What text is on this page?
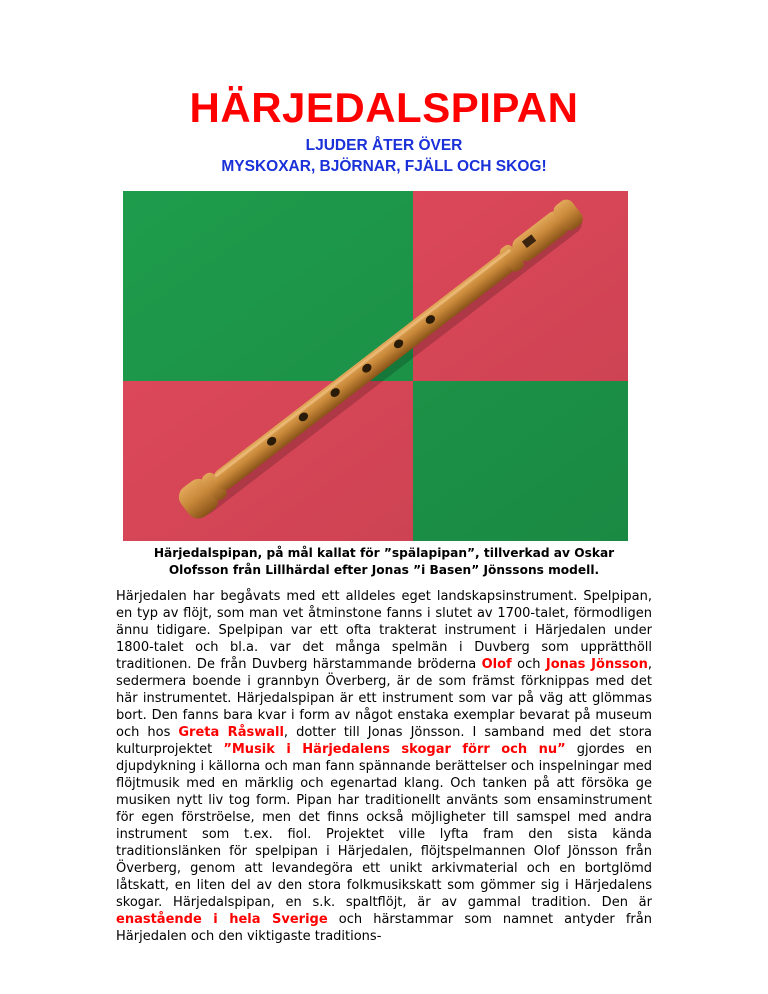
HÄRJEDALSPIPAN

LJUDER ÅTER ÖVER

MYSKOXAR, BJÖRNAR, FJÄLL OCH SKOG!

Härjedalspipan, på mål kallat för ”spälapipan”, tillverkad av Oskar
Olofsson från Lillhärdal efter Jonas ”i Basen” Jönssons modell.

Härjedalen har begåvats med ett alldeles eget landskapsinstrument. Spelpipan, en typ av flöjt, som man vet åtminstone fanns i slutet av 1700-talet, förmodligen ännu tidigare. Spelpipan var ett ofta trakterat instrument i Härjedalen under 1800-talet och bl.a. var det många spelmän i Duvberg som upprätthöll traditionen. De från Duvberg härstammande bröderna Olof och Jonas Jönsson, sedermera boende i grannbyn Överberg, är de som främst förknippas med det här instrumentet. Härjedalspipan är ett instrument som var på väg att glömmas bort. Den fanns bara kvar i form av något enstaka exemplar bevarat på museum och hos Greta Råswall, dotter till Jonas Jönsson. I samband med det stora kulturprojektet ”Musik i Härjedalens skogar förr och nu” gjordes en djupdykning i källorna och man fann spännande berättelser och inspelningar med flöjtmusik med en märklig och egenartad klang. Och tanken på att försöka ge musiken nytt liv tog form. Pipan har traditionellt använts som ensaminstrument för egen förströelse, men det finns också möjligheter till samspel med andra instrument som t.ex. fiol. Projektet ville lyfta fram den sista kända traditionslänken för spelpipan i Härjedalen, flöjtspelmannen Olof Jönsson från Överberg, genom att levandegöra ett unikt arkivmaterial och en bortglömd låtskatt, en liten del av den stora folkmusikskatt som gömmer sig i Härjedalens skogar. Härjedalspipan, en s.k. spaltflöjt, är av gammal tradition. Den är enastående i hela Sverige och härstammar som namnet antyder från Härjedalen och den viktigaste traditions-
